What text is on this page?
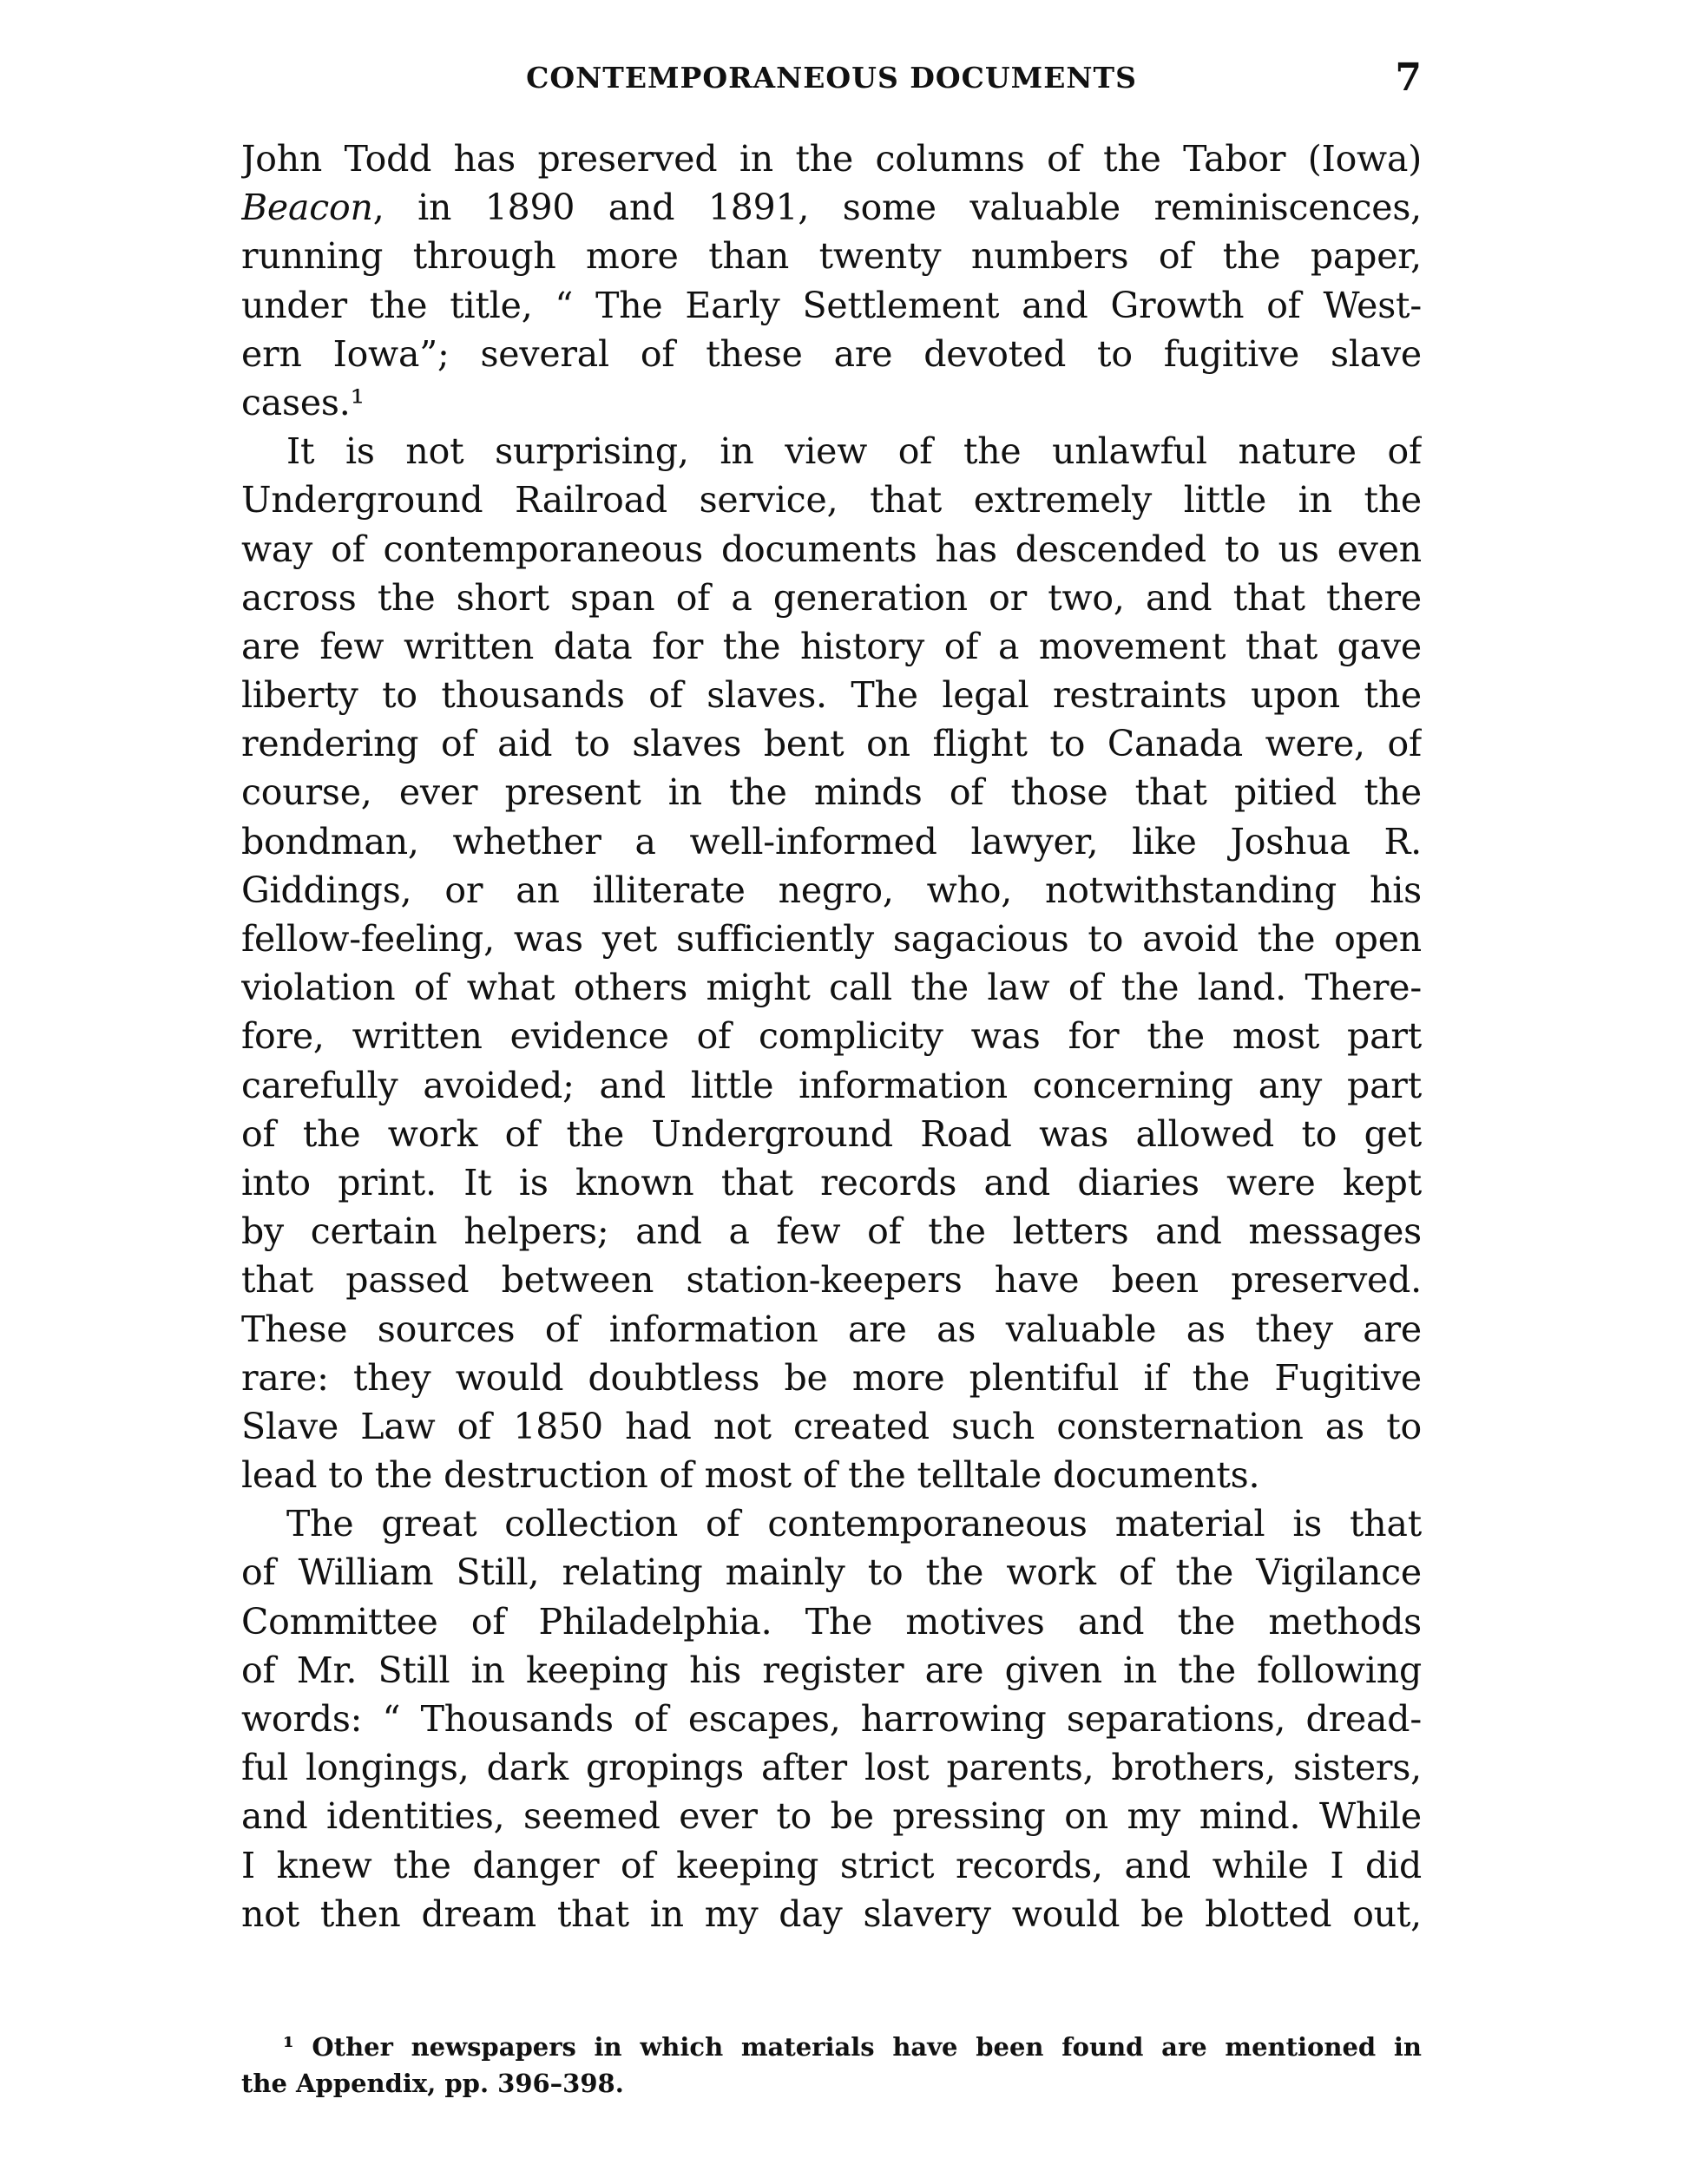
CONTEMPORANEOUS DOCUMENTS	7
John Todd has preserved in the columns of the Tabor (Iowa)
Beacon, in 1890 and 1891, some valuable reminiscences,
running through more than twenty numbers of the paper,
under the title, “ The Early Settlement and Growth of West-
ern Iowa”; several of these are devoted to fugitive slave
cases.¹
It is not surprising, in view of the unlawful nature of
Underground Railroad service, that extremely little in the
way of contemporaneous documents has descended to us even
across the short span of a generation or two, and that there
are few written data for the history of a movement that gave
liberty to thousands of slaves. The legal restraints upon the
rendering of aid to slaves bent on flight to Canada were, of
course, ever present in the minds of those that pitied the
bondman, whether a well-informed lawyer, like Joshua R.
Giddings, or an illiterate negro, who, notwithstanding his
fellow-feeling, was yet sufficiently sagacious to avoid the open
violation of what others might call the law of the land. There-
fore, written evidence of complicity was for the most part
carefully avoided; and little information concerning any part
of the work of the Underground Road was allowed to get
into print. It is known that records and diaries were kept
by certain helpers; and a few of the letters and messages
that passed between station-keepers have been preserved.
These sources of information are as valuable as they are
rare: they would doubtless be more plentiful if the Fugitive
Slave Law of 1850 had not created such consternation as to
lead to the destruction of most of the telltale documents.
The great collection of contemporaneous material is that
of William Still, relating mainly to the work of the Vigilance
Committee of Philadelphia. The motives and the methods
of Mr. Still in keeping his register are given in the following
words: “ Thousands of escapes, harrowing separations, dread-
ful longings, dark gropings after lost parents, brothers, sisters,
and identities, seemed ever to be pressing on my mind. While
I knew the danger of keeping strict records, and while I did
not then dream that in my day slavery would be blotted out,
¹ Other newspapers in which materials have been found are mentioned in
the Appendix, pp. 396–398.
